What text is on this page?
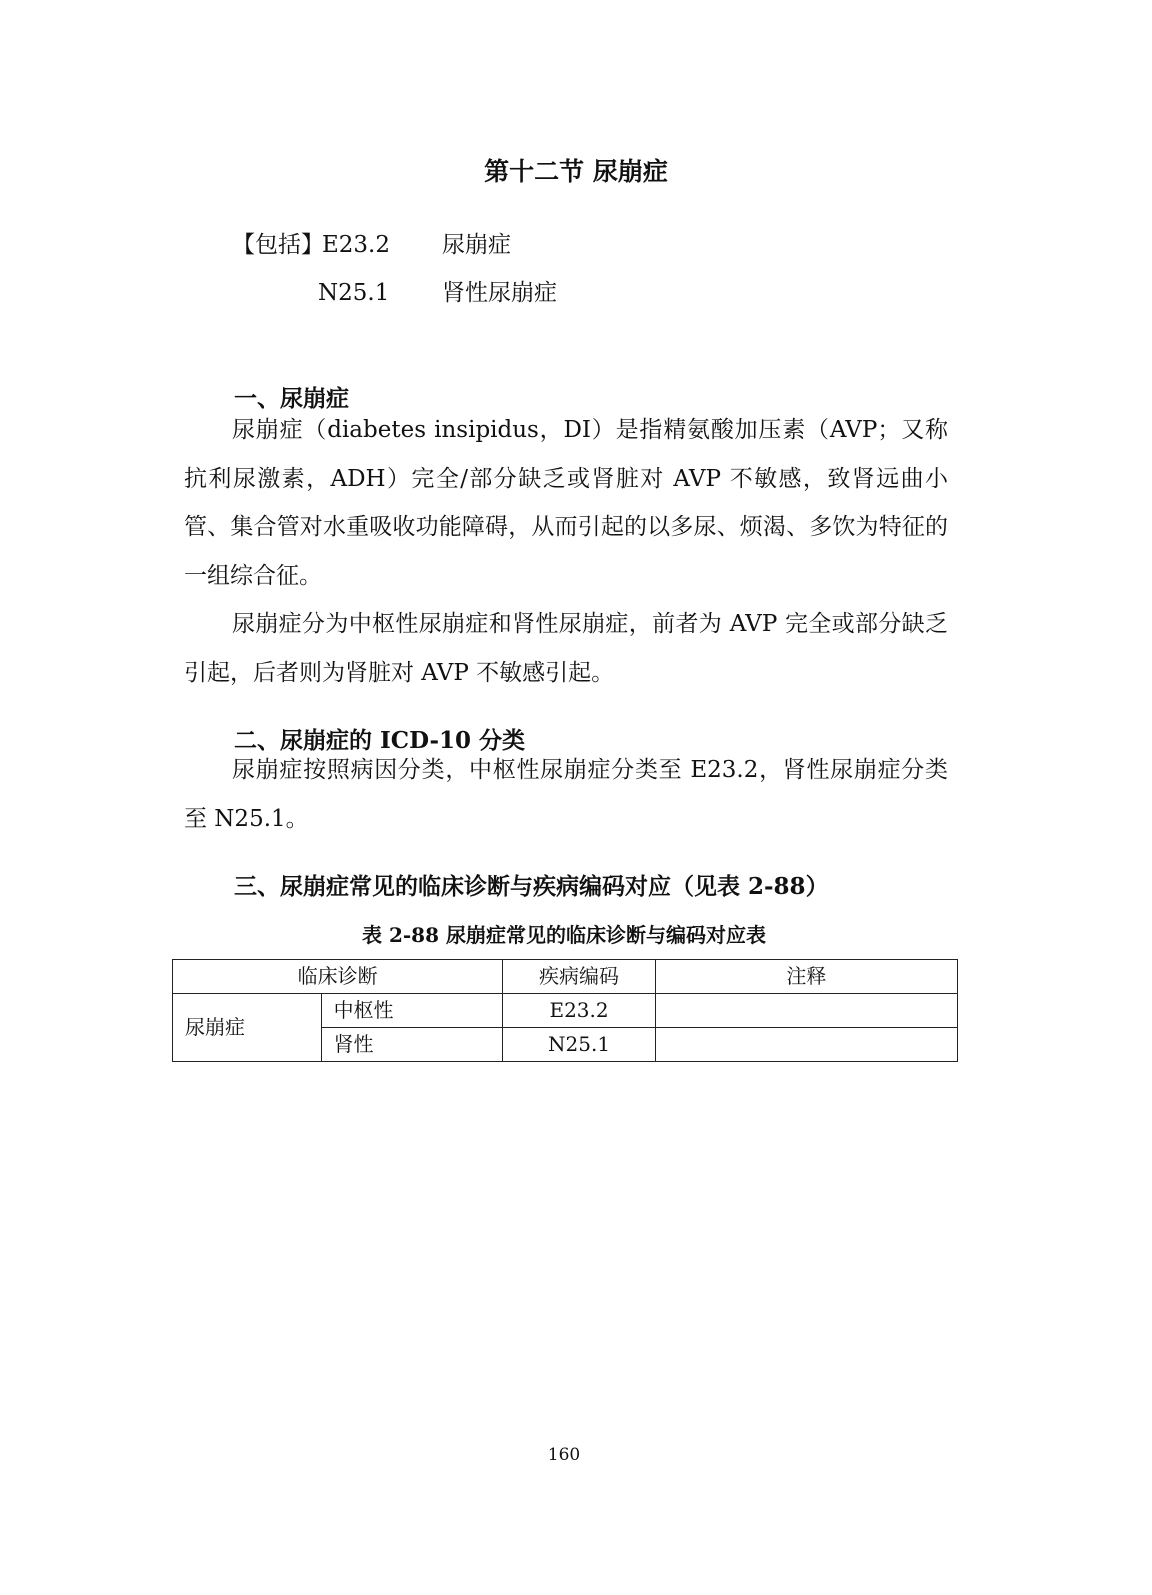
第十二节 尿崩症
【包括】
E23.2 尿崩症
N25.1 肾性尿崩症
一、尿崩症

尿崩症（diabetes insipidus，DI）是指精氨酸加压素（AVP；又称抗利尿激素，ADH）完全/部分缺乏或肾脏对 AVP 不敏感，致肾远曲小管、集合管对水重吸收功能障碍，从而引起的以多尿、烦渴、多饮为特征的一组综合征。

尿崩症分为中枢性尿崩症和肾性尿崩症，前者为 AVP 完全或部分缺乏引起，后者则为肾脏对 AVP 不敏感引起。

二、尿崩症的 ICD-10 分类

尿崩症按照病因分类，中枢性尿崩症分类至 E23.2，肾性尿崩症分类至 N25.1。

三、尿崩症常见的临床诊断与疾病编码对应（见表 2-88）
表 2-88 尿崩症常见的临床诊断与编码对应表
临床诊断		疾病编码	注释
尿崩症	中枢性	E23.2	
	肾性	N25.1	
160
